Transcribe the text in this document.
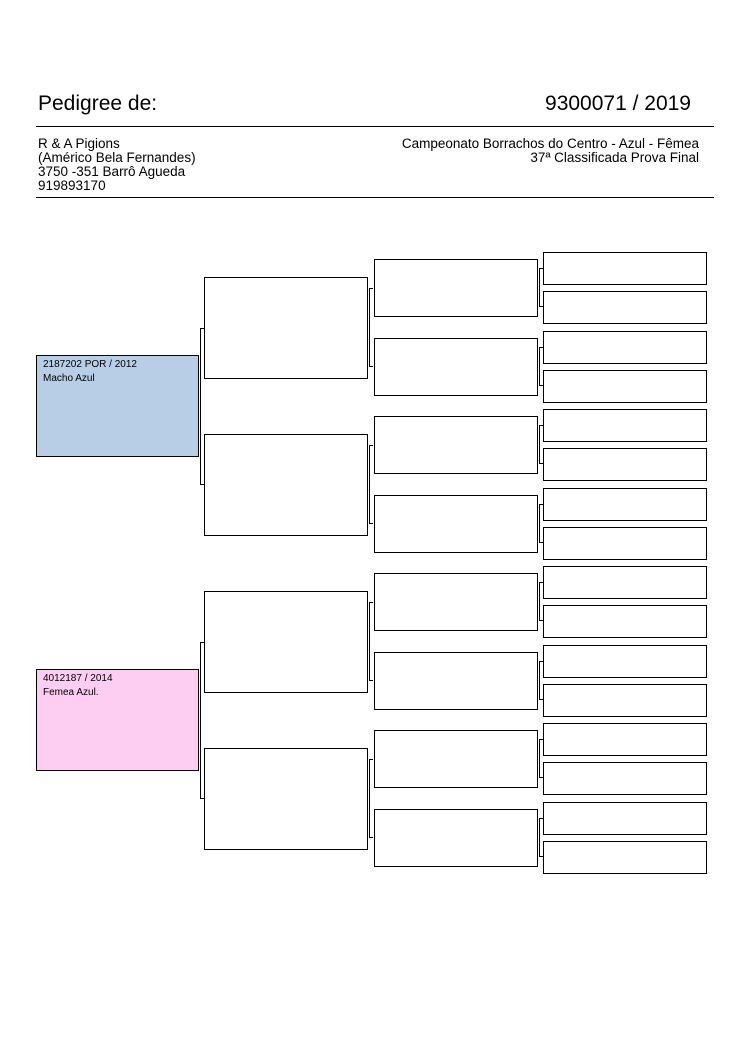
Pedigree de:	9300071 / 2019
R & A Pigions
(Américo Bela Fernandes)
3750 -351 Barrô Agueda
919893170
Campeonato Borrachos do Centro - Azul - Fêmea
37ª Classificada Prova Final
2187202 POR / 2012
Macho Azul
4012187 / 2014
Femea Azul.
